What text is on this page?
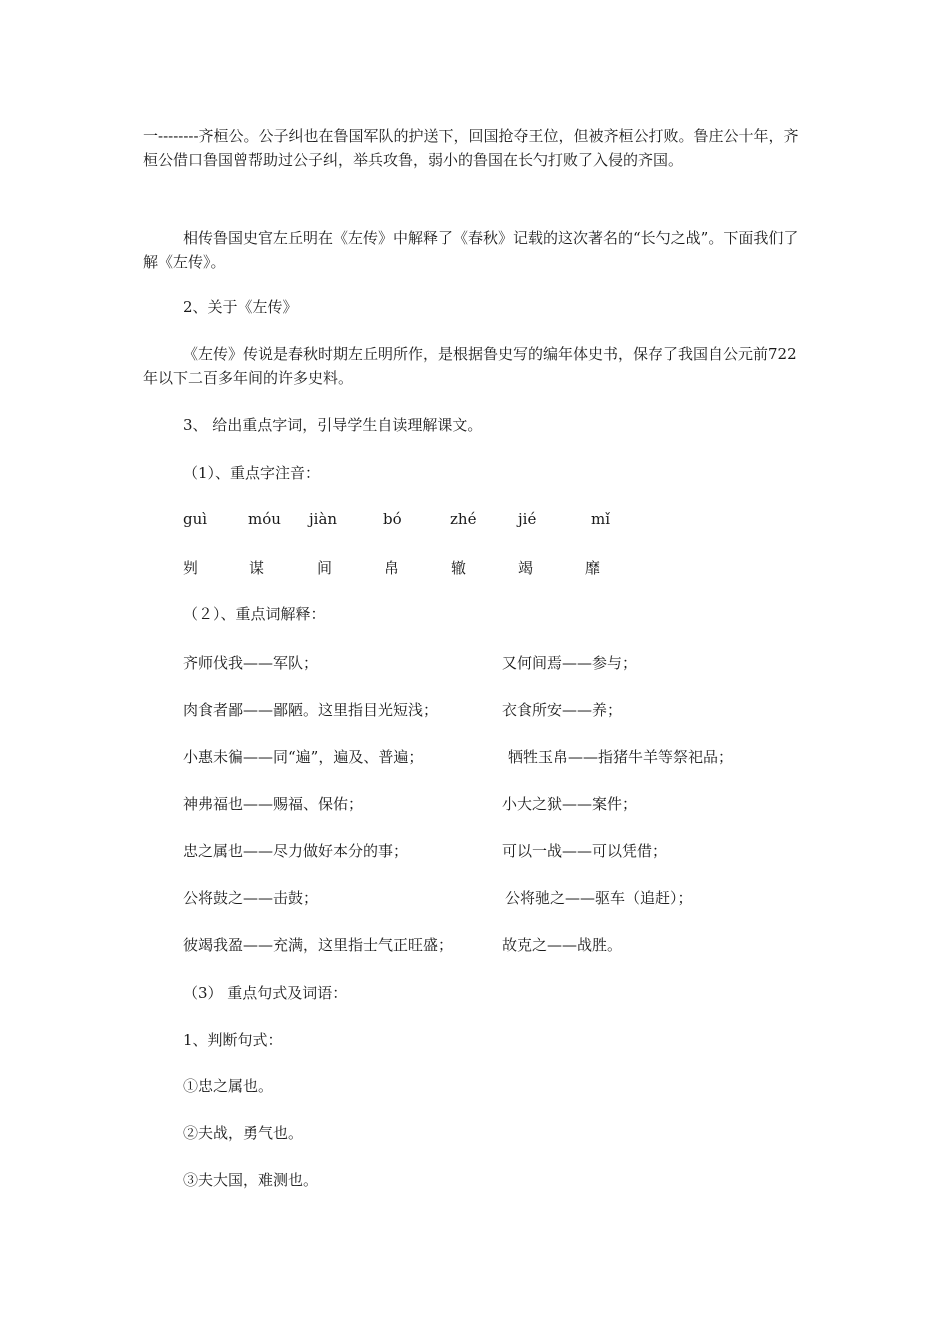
一--------齐桓公。公子纠也在鲁国军队的护送下，回国抢夺王位，但被齐桓公打败。鲁庄公十年，齐桓公借口鲁国曾帮助过公子纠，举兵攻鲁，弱小的鲁国在长勺打败了入侵的齐国。

相传鲁国史官左丘明在《左传》中解释了《春秋》记载的这次著名的“长勺之战”。下面我们了解《左传》。

2、关于《左传》

《左传》传说是春秋时期左丘明所作，是根据鲁史写的编年体史书，保存了我国自公元前722年以下二百多年间的许多史料。

3、 给出重点字词，引导学生自读理解课文。

（1）、重点字注音：

guì	móu jiàn	bó	zhé	jié	mǐ
刿	谋	间	帛	辙	竭	靡

（２）、重点词解释：

齐师伐我——军队；	又何间焉——参与；
肉食者鄙——鄙陋。这里指目光短浅；	衣食所安——养；
小惠未徧——同“遍”，遍及、普遍；	牺牲玉帛——指猪牛羊等祭祀品；
神弗福也——赐福、保佑；	小大之狱——案件；
忠之属也——尽力做好本分的事；	可以一战——可以凭借；
公将鼓之——击鼓；	公将驰之——驱车（追赶）；
彼竭我盈——充满，这里指士气正旺盛；	故克之——战胜。

（3） 重点句式及词语：

1、判断句式：

①忠之属也。

②夫战，勇气也。

③夫大国，难测也。
